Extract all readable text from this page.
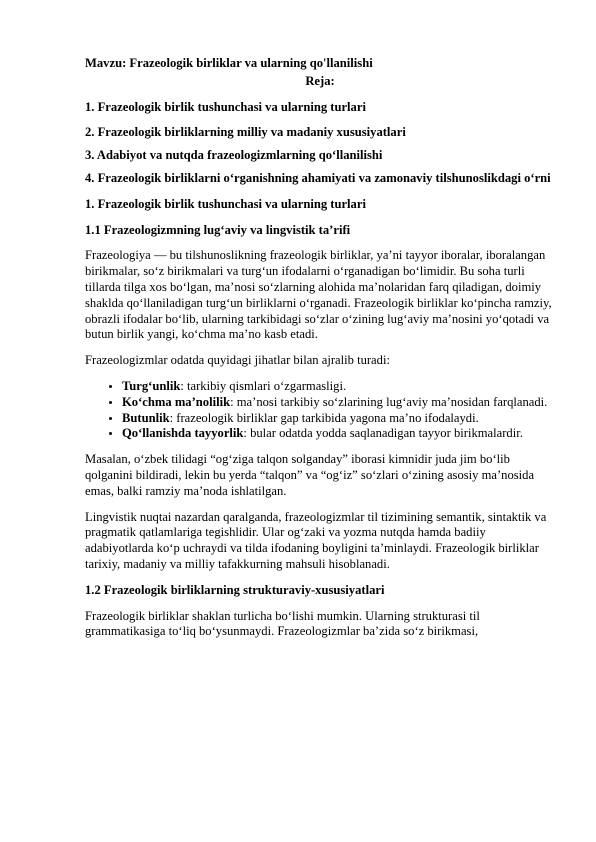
Mavzu: Frazeologik birliklar va ularning qo'llanilishi

Reja:

1. Frazeologik birlik tushunchasi va ularning turlari

2. Frazeologik birliklarning milliy va madaniy xususiyatlari

3. Adabiyot va nutqda frazeologizmlarning qo‘llanilishi

4. Frazeologik birliklarni o‘rganishning ahamiyati va zamonaviy tilshunoslikdagi o‘rni

1. Frazeologik birlik tushunchasi va ularning turlari

1.1 Frazeologizmning lug‘aviy va lingvistik ta’rifi

Frazeologiya — bu tilshunoslikning frazeologik birliklar, ya’ni tayyor iboralar, iboralangan birikmalar, so‘z birikmalari va turg‘un ifodalarni o‘rganadigan bo‘limidir. Bu soha turli tillarda tilga xos bo‘lgan, ma’nosi so‘zlarning alohida ma’nolaridan farq qiladigan, doimiy shaklda qo‘llaniladigan turg‘un birliklarni o‘rganadi. Frazeologik birliklar ko‘pincha ramziy, obrazli ifodalar bo‘lib, ularning tarkibidagi so‘zlar o‘zining lug‘aviy ma’nosini yo‘qotadi va butun birlik yangi, ko‘chma ma’no kasb etadi.

Frazeologizmlar odatda quyidagi jihatlar bilan ajralib turadi:

• Turg‘unlik: tarkibiy qismlari o‘zgarmasligi.
• Ko‘chma ma’nolilik: ma’nosi tarkibiy so‘zlarining lug‘aviy ma’nosidan farqlanadi.
• Butunlik: frazeologik birliklar gap tarkibida yagona ma’no ifodalaydi.
• Qo‘llanishda tayyorlik: bular odatda yodda saqlanadigan tayyor birikmalardir.

Masalan, o‘zbek tilidagi “og‘ziga talqon solganday” iborasi kimnidir juda jim bo‘lib qolganini bildiradi, lekin bu yerda “talqon” va “og‘iz” so‘zlari o‘zining asosiy ma’nosida emas, balki ramziy ma’noda ishlatilgan.

Lingvistik nuqtai nazardan qaralganda, frazeologizmlar til tizimining semantik, sintaktik va pragmatik qatlamlariga tegishlidir. Ular og‘zaki va yozma nutqda hamda badiiy adabiyotlarda ko‘p uchraydi va tilda ifodaning boyligini ta’minlaydi. Frazeologik birliklar tarixiy, madaniy va milliy tafakkurning mahsuli hisoblanadi.

1.2 Frazeologik birliklarning strukturaviy-xususiyatlari

Frazeologik birliklar shaklan turlicha bo‘lishi mumkin. Ularning strukturasi til grammatikasiga to‘liq bo‘ysunmaydi. Frazeologizmlar ba’zida so‘z birikmasi,
